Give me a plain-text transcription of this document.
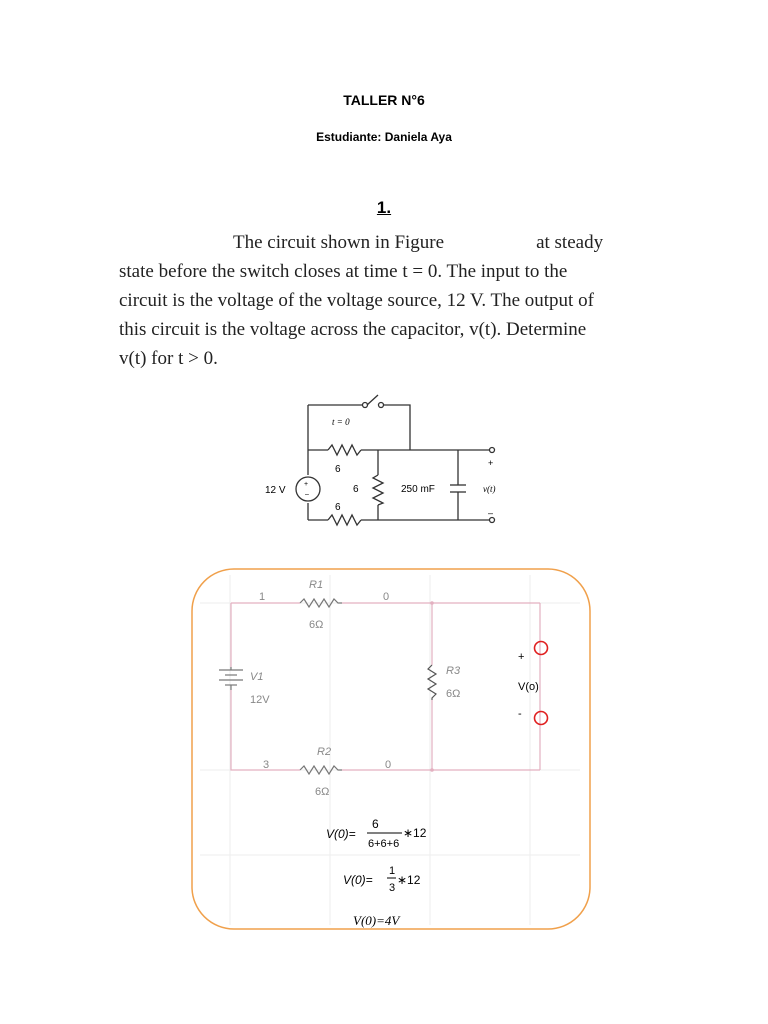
TALLER N°6
Estudiante: Daniela Aya
1.
The circuit shown in Figure	at steady
state before the switch closes at time t = 0. The input to the
circuit is the voltage of the voltage source, 12 V. The output of
this circuit is the voltage across the capacitor, v(t). Determine
v(t) for t > 0.
+
–
t = 0
12 V
6
6
6
250 mF	v(t)
+
–
R1
6Ω
R2
6Ω
R3
6Ω
V1
12V
1	0
3	0
+
V(o)
-
V(0)=
6
6+6+6
∗12
V(0)=
1
3
∗12
V(0)=4V
